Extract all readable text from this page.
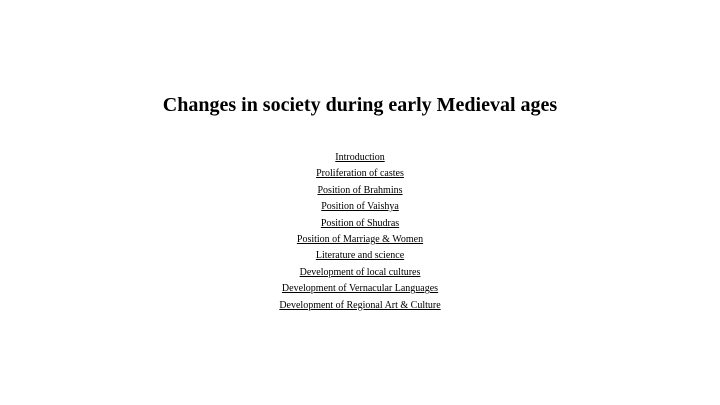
Changes in society during early Medieval ages
Introduction
Proliferation of castes
Position of Brahmins
Position of Vaishya
Position of Shudras
Position of Marriage & Women
Literature and science
Development of local cultures
Development of Vernacular Languages
Development of Regional Art & Culture
